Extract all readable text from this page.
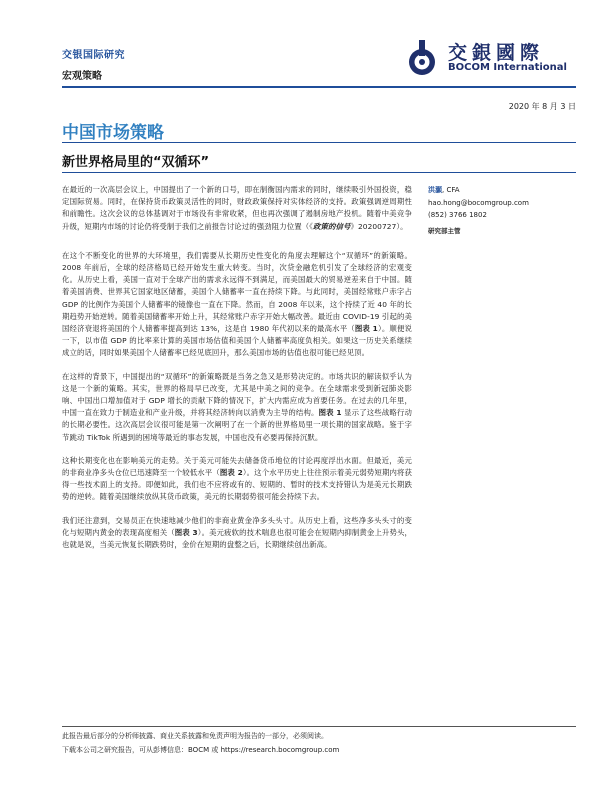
交银国际研究
宏观策略
交銀國際
BOCOM International
2020 年 8 月 3 日
中国市场策略
新世界格局里的“双循环”

在最近的一次高层会议上，中国提出了一个新的口号，即在制衡国内需求的同时，继续吸引外国投资，稳定国际贸易。同时，在保持货币政策灵活性的同时，财政政策保持对实体经济的支持。政策强调逆周期性和前瞻性。这次会议的总体基调对于市场没有非常收紧，但也再次强调了遏制房地产投机。随着中美竞争升级，短期内市场的讨论仍将受制于我们之前报告讨论过的强劲阻力位置（《政策的信号》20200727）。

在这个不断变化的世界的大环境里，我们需要从长期历史性变化的角度去理解这个“双循环”的新策略。2008 年前后，全球的经济格局已经开始发生重大转变。当时，次贷金融危机引发了全球经济的宏观变化。从历史上看，美国一直对于全球产出的需求永远得不到满足，而美国最大的贸易逆差来自于中国。随着美国消费、世界其它国家地区储蓄，美国个人储蓄率一直在持续下降。与此同时，美国经常账户赤字占 GDP 的比例作为美国个人储蓄率的镜像也一直在下降。然而，自 2008 年以来，这个持续了近 40 年的长期趋势开始逆转。随着美国储蓄率开始上升，其经常账户赤字开始大幅改善。最近由 COVID-19 引起的美国经济衰退将美国的个人储蓄率提高到达 13%，这是自 1980 年代初以来的最高水平（图表 1）。顺便说一下，以市值 GDP 的比率来计算的美国市场估值和美国个人储蓄率高度负相关。如果这一历史关系继续成立的话，同时如果美国个人储蓄率已经见底回升，那么美国市场的估值也很可能已经见顶。

在这样的背景下，中国提出的“双循环”的新策略既是当务之急又是形势决定的。市场共识的解读似乎认为这是一个新的策略。其实，世界的格局早已改变，尤其是中美之间的竞争。在全球需求受到新冠肺炎影响、中国出口增加值对于 GDP 增长的贡献下降的情况下，扩大内需应成为首要任务。在过去的几年里，中国一直在致力于制造业和产业升级，并将其经济转向以消费为主导的结构。图表 1 显示了这些战略行动的长期必要性。这次高层会议很可能是第一次阐明了在一个新的世界格局里一项长期的国家战略。鉴于字节跳动 TikTok 所遇到的困境等最近的事态发展，中国也没有必要再保持沉默。

这种长期变化也在影响美元的走势。关于美元可能失去储备货币地位的讨论再度浮出水面。但最近，美元的非商业净多头仓位已迅速降至一个较低水平（图表 2）。这个水平历史上往往预示着美元弱势短期内将获得一些技术面上的支持。即便如此，我们也不应将或有的、短期的、暂时的技术支持错认为是美元长期跌势的逆转。随着美国继续放纵其货币政策，美元的长期弱势很可能会持续下去。

我们还注意到，交易员正在快速地减少他们的非商业黄金净多头头寸。从历史上看，这些净多头头寸的变化与短期内黄金的表现高度相关（图表 3）。美元疲软的技术喘息也很可能会在短期内抑制黄金上升势头，也就是说，当美元恢复长期跌势时，金价在短期的盘整之后，长期继续创出新高。

洪灝, CFA
hao.hong@bocomgroup.com
(852) 3766 1802
研究部主管
此报告最后部分的分析师披露、商业关系披露和免责声明为报告的一部分，必须阅读。
下载本公司之研究报告，可从彭博信息：BOCM 或 https://research.bocomgroup.com
